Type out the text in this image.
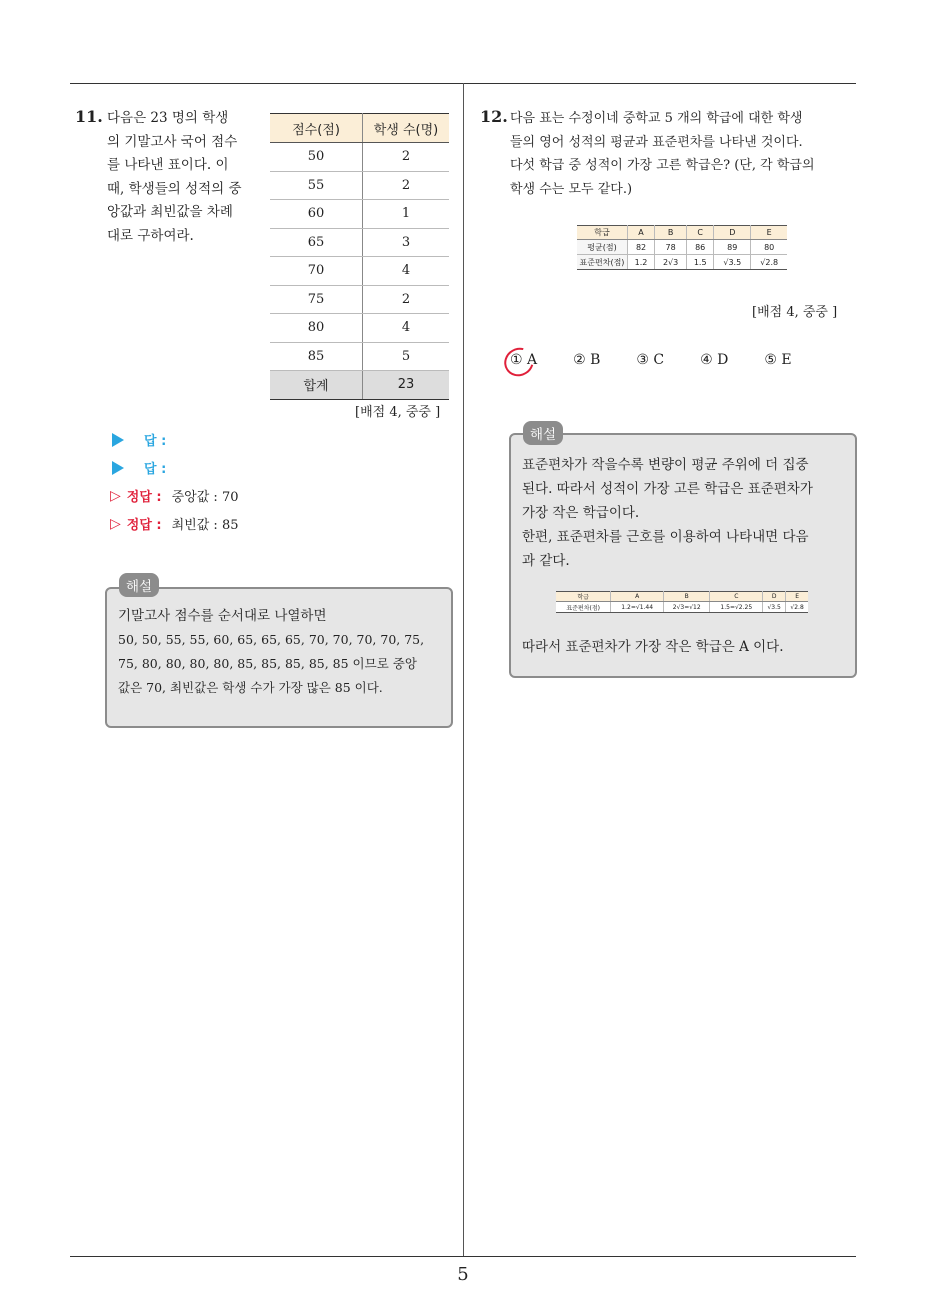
5
11. 다음은 23 명의 학생
의 기말고사 국어 점수
를 나타낸 표이다. 이
때, 학생들의 성적의 중
앙값과 최빈값을 차례
대로 구하여라.
점수(점)	학생 수(명)
50	2
55	2
60	1
65	3
70	4
75	2
80	4
85	5
합계	23
[배점 4, 중중 ]
답 :
답 :
▷ 정답 : 중앙값 : 70
▷ 정답 : 최빈값 : 85
해설
기말고사 점수를 순서대로 나열하면
50, 50, 55, 55, 60, 65, 65, 65, 70, 70, 70, 70, 75,
75, 80, 80, 80, 80, 85, 85, 85, 85, 85 이므로 중앙
값은 70, 최빈값은 학생 수가 가장 많은 85 이다.
12. 다음 표는 수정이네 중학교 5 개의 학급에 대한 학생
들의 영어 성적의 평균과 표준편차를 나타낸 것이다.
다섯 학급 중 성적이 가장 고른 학급은? (단, 각 학급의
학생 수는 모두 같다.)
학급	A	B	C	D	E
평균(점)	82	78	86	89	80
표준편차(점)	1.2	2√3	1.5	√3.5	√2.8
[배점 4, 중중 ]
① A	② B	③ C	④ D	⑤ E
해설
표준편차가 작을수록 변량이 평균 주위에 더 집중
된다. 따라서 성적이 가장 고른 학급은 표준편차가
가장 작은 학급이다.
한편, 표준편차를 근호를 이용하여 나타내면 다음
과 같다.
학급	A	B	C	D	E
표준편차(점)	1.2=√1.44	2√3=√12	1.5=√2.25	√3.5	√2.8
따라서 표준편차가 가장 작은 학급은 A 이다.
